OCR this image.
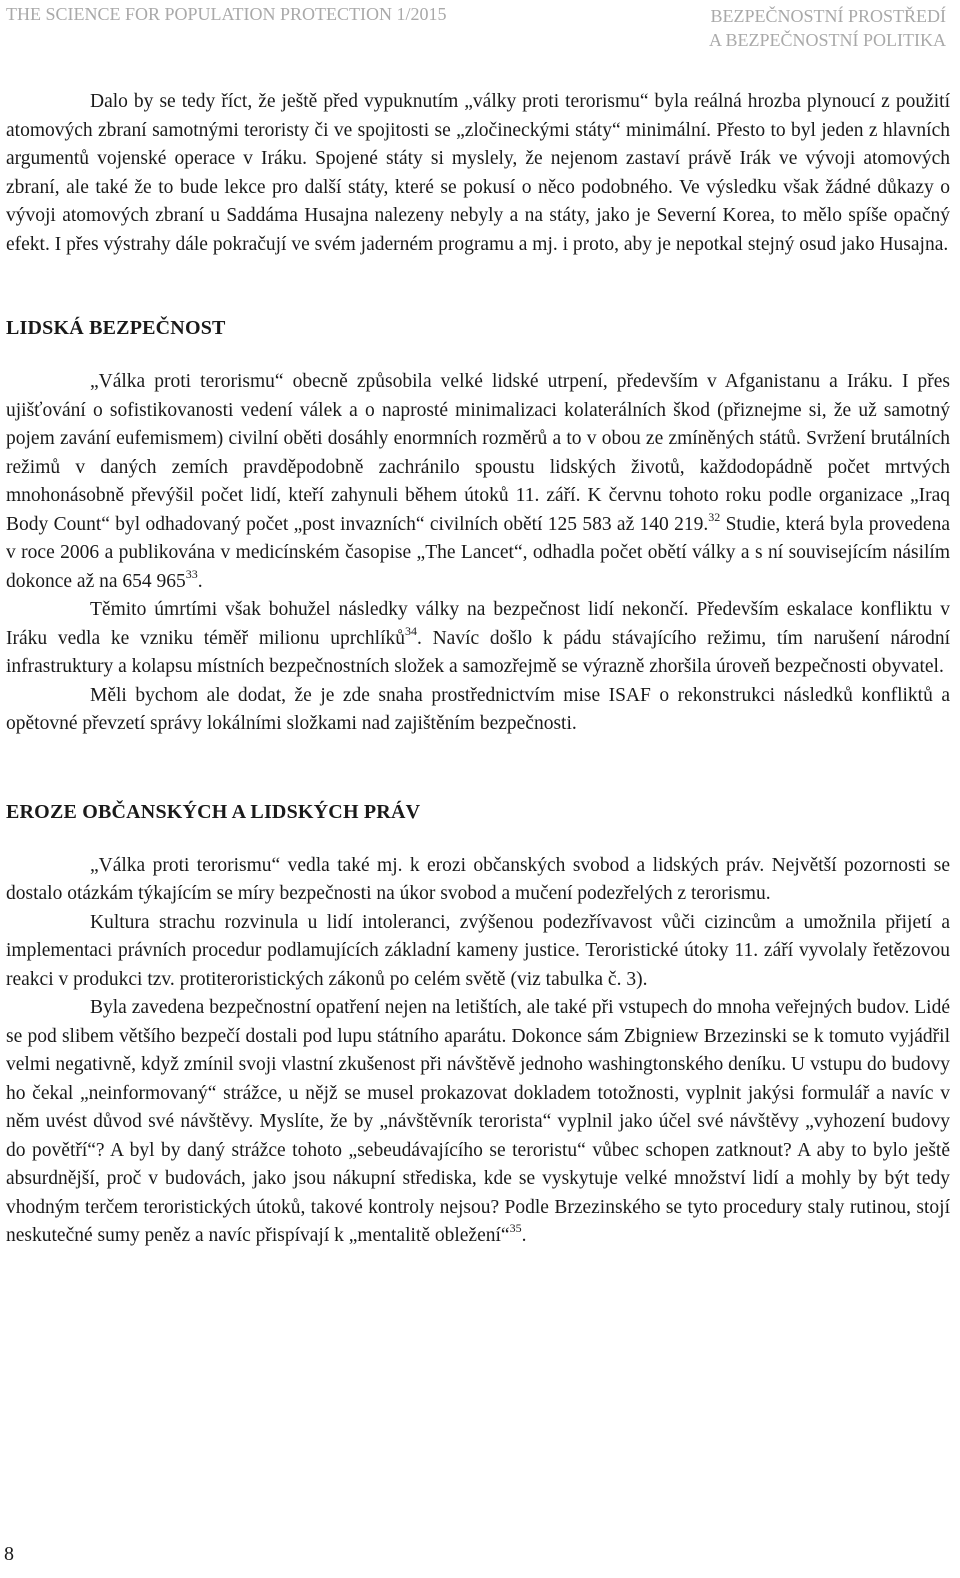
THE SCIENCE FOR POPULATION PROTECTION 1/2015	BEZPEČNOSTNÍ PROSTŘEDÍ
A BEZPEČNOSTNÍ POLITIKA

Dalo by se tedy říct, že ještě před vypuknutím „války proti terorismu“ byla reálná hrozba plynoucí z použití atomových zbraní samotnými teroristy či ve spojitosti se „zločineckými státy“ minimální. Přesto to byl jeden z hlavních argumentů vojenské operace v Iráku. Spojené státy si myslely, že nejenom zastaví právě Irák ve vývoji atomových zbraní, ale také že to bude lekce pro další státy, které se pokusí o něco podobného. Ve výsledku však žádné důkazy o vývoji atomových zbraní u Saddáma Husajna nalezeny nebyly a na státy, jako je Severní Korea, to mělo spíše opačný efekt. I přes výstrahy dále pokračují ve svém jaderném programu a mj. i proto, aby je nepotkal stejný osud jako Husajna.

LIDSKÁ BEZPEČNOST

„Válka proti terorismu“ obecně způsobila velké lidské utrpení, především v Afganistanu a Iráku. I přes ujišťování o sofistikovanosti vedení válek a o naprosté minimalizaci kolaterálních škod (přiznejme si, že už samotný pojem zavání eufemismem) civilní oběti dosáhly enormních rozměrů a to v obou ze zmíněných států. Svržení brutálních režimů v daných zemích pravděpodobně zachránilo spoustu lidských životů, každodopádně počet mrtvých mnohonásobně převýšil počet lidí, kteří zahynuli během útoků 11. září. K červnu tohoto roku podle organizace „Iraq Body Count“ byl odhadovaný počet „post invazních“ civilních obětí 125 583 až 140 219.32 Studie, která byla provedena v roce 2006 a publikována v medicínském časopise „The Lancet“, odhadla počet obětí války a s ní souvisejícím násilím dokonce až na 654 $965^{33}$.

Těmito úmrtími však bohužel následky války na bezpečnost lidí nekončí. Především eskalace konfliktu v Iráku vedla ke vzniku téměř milionu uprchlíků$^{34}$. Navíc došlo k pádu stávajícího režimu, tím narušení národní infrastruktury a kolapsu místních bezpečnostních složek a samozřejmě se výrazně zhoršila úroveň bezpečnosti obyvatel.

Měli bychom ale dodat, že je zde snaha prostřednictvím mise ISAF o rekonstrukci následků konfliktů a opětovné převzetí správy lokálními složkami nad zajištěním bezpečnosti.

EROZE OBČANSKÝCH A LIDSKÝCH PRÁV

„Válka proti terorismu“ vedla také mj. k erozi občanských svobod a lidských práv. Největší pozornosti se dostalo otázkám týkajícím se míry bezpečnosti na úkor svobod a mučení podezřelých z terorismu.

Kultura strachu rozvinula u lidí intoleranci, zvýšenou podezřívavost vůči cizincům a umožnila přijetí a implementaci právních procedur podlamujících základní kameny justice. Teroristické útoky 11. září vyvolaly řetězovou reakci v produkci tzv. protiteroristických zákonů po celém světě (viz tabulka č. 3).

Byla zavedena bezpečnostní opatření nejen na letištích, ale také při vstupech do mnoha veřejných budov. Lidé se pod slibem většího bezpečí dostali pod lupu státního aparátu. Dokonce sám Zbigniew Brzezinski se k tomuto vyjádřil velmi negativně, když zmínil svoji vlastní zkušenost při návštěvě jednoho washingtonského deníku. U vstupu do budovy ho čekal „neinformovaný“ strážce, u nějž se musel prokazovat dokladem totožnosti, vyplnit jakýsi formulář a navíc v něm uvést důvod své návštěvy. Myslíte, že by „návštěvník terorista“ vyplnil jako účel své návštěvy „vyhození budovy do povětří“? A byl by daný strážce tohoto „sebeudávajícího se teroristu“ vůbec schopen zatknout? A aby to bylo ještě absurdnější, proč v budovách, jako jsou nákupní střediska, kde se vyskytuje velké množství lidí a mohly by být tedy vhodným terčem teroristických útoků, takové kontroly nejsou? Podle Brzezinského se tyto procedury staly rutinou, stojí neskutečné sumy peněz a navíc přispívají k „mentalitě obležení“$^{35}$.

8
